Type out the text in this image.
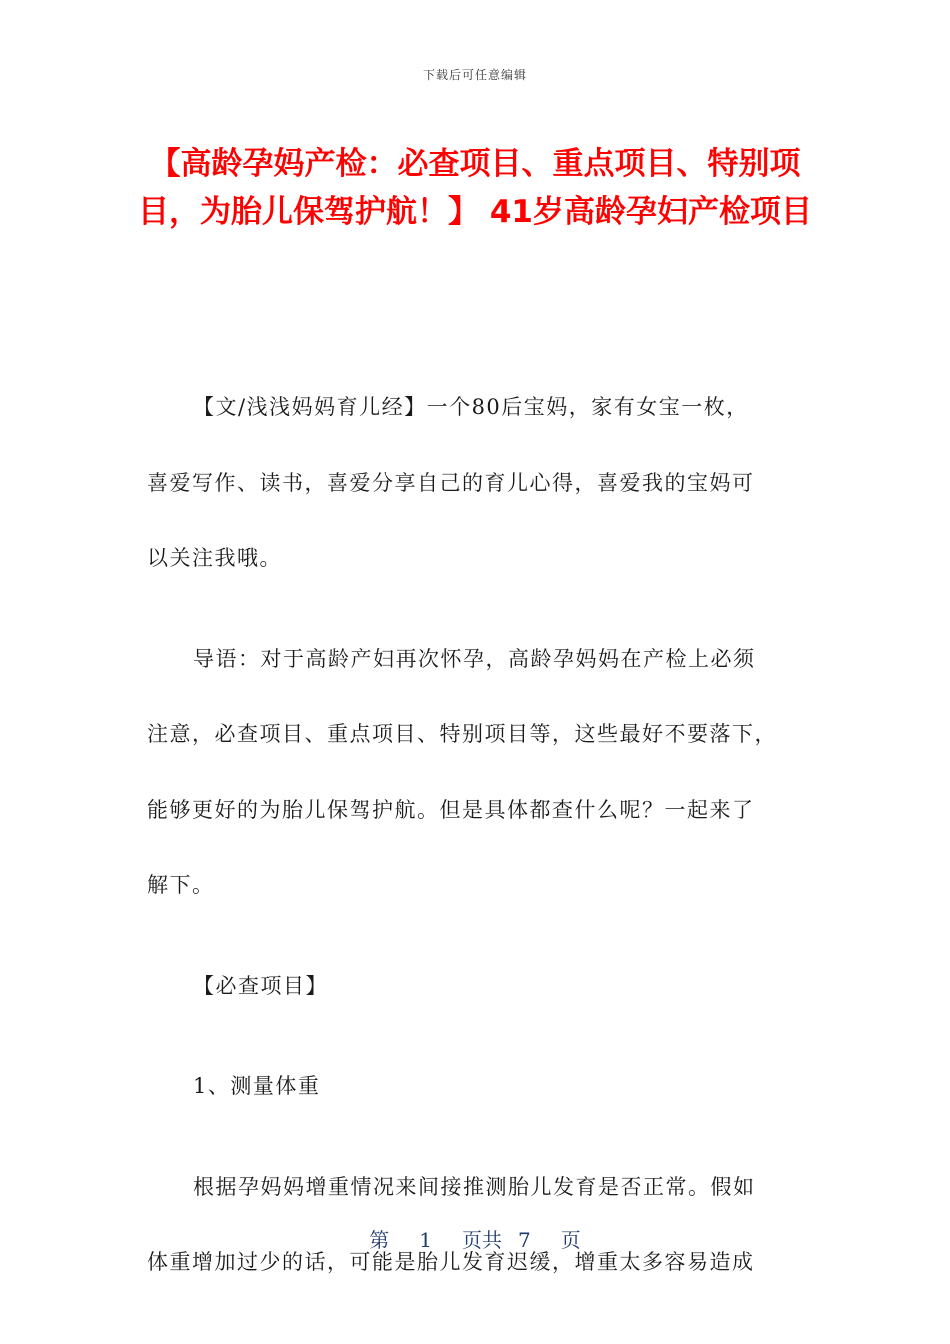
下载后可任意编辑
【高龄孕妈产检：必查项目、重点项目、特别项目，为胎儿保驾护航！】 41岁高龄孕妇产检项目

【文/浅浅妈妈育儿经】一个80后宝妈，家有女宝一枚，
喜爱写作、读书，喜爱分享自己的育儿心得，喜爱我的宝妈可
以关注我哦。

导语：对于高龄产妇再次怀孕，高龄孕妈妈在产检上必须
注意，必查项目、重点项目、特别项目等，这些最好不要落下，
能够更好的为胎儿保驾护航。但是具体都查什么呢？一起来了
解下。

【必查项目】

1、测量体重

根据孕妈妈增重情况来间接推测胎儿发育是否正常。假如
体重增加过少的话，可能是胎儿发育迟缓，增重太多容易造成

第 1 页共 7 页
